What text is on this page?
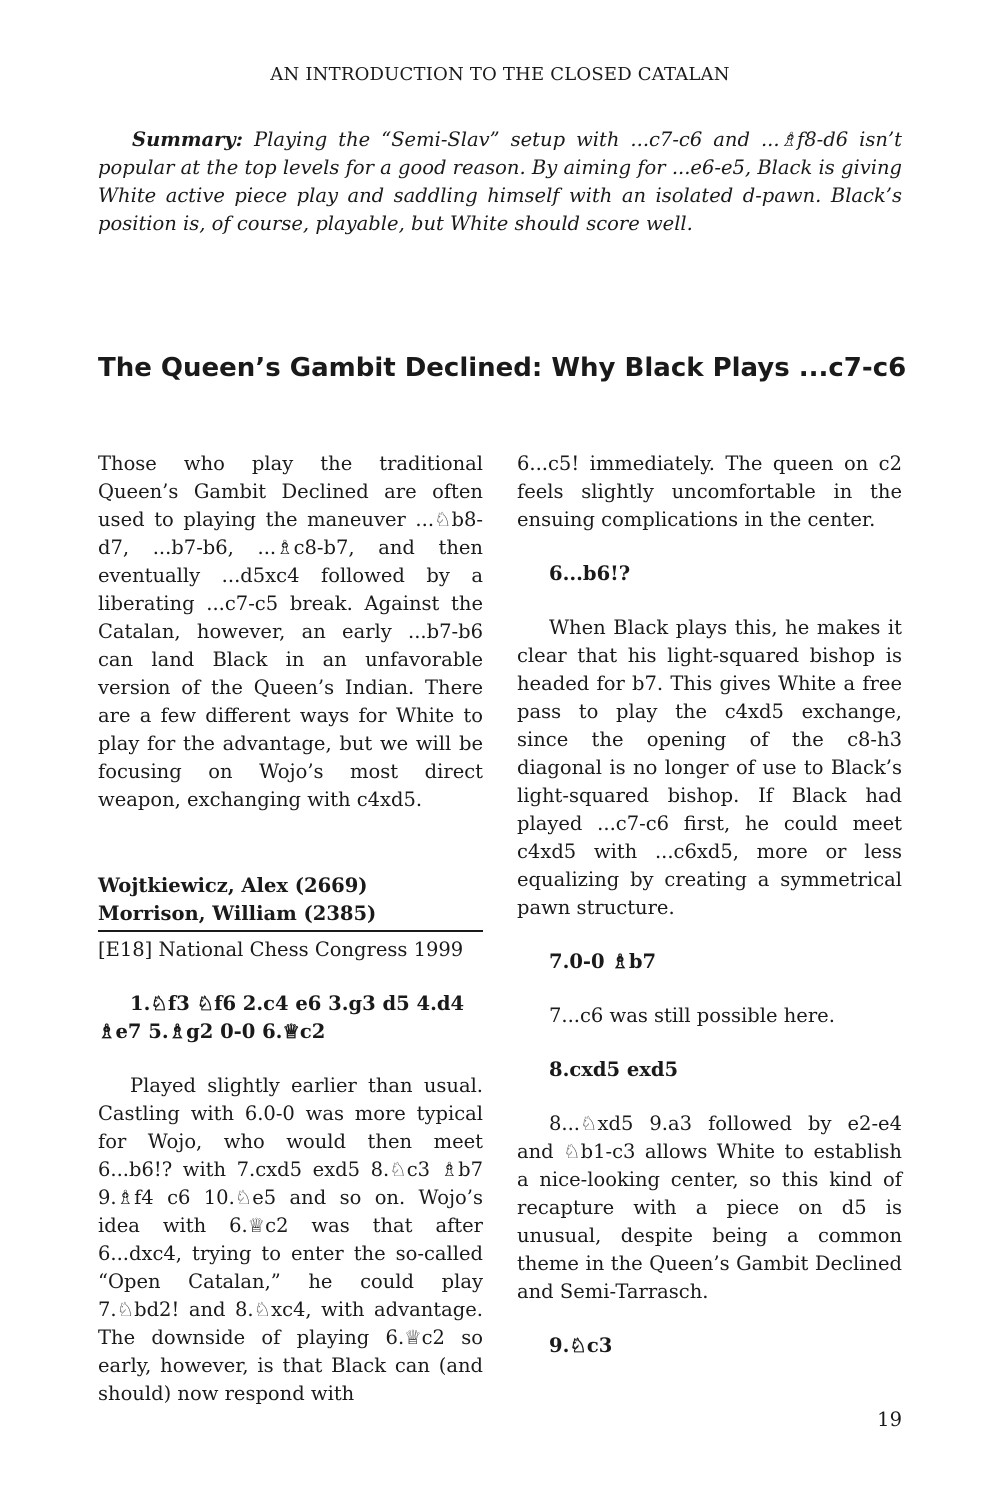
AN INTRODUCTION TO THE CLOSED CATALAN
Summary: Playing the “Semi-Slav” setup with ...c7-c6 and ...♗f8-d6 isn’t popular at the top levels for a good reason. By aiming for ...e6-e5, Black is giving White active piece play and saddling himself with an isolated d-pawn. Black’s position is, of course, playable, but White should score well.
The Queen’s Gambit Declined: Why Black Plays ...c7-c6

Those who play the traditional Queen’s Gambit Declined are often used to playing the maneuver ...♘b8-d7, ...b7-b6, ...♗c8-b7, and then eventually ...d5xc4 followed by a liberating ...c7-c5 break. Against the Catalan, however, an early ...b7-b6 can land Black in an unfavorable version of the Queen’s Indian. There are a few different ways for White to play for the advantage, but we will be focusing on Wojo’s most direct weapon, exchanging with c4xd5.

Wojtkiewicz, Alex (2669)
Morrison, William (2385)
[E18] National Chess Congress 1999

1.♘f3 ♘f6 2.c4 e6 3.g3 d5 4.d4 ♗e7 5.♗g2 0-0 6.♕c2

Played slightly earlier than usual. Castling with 6.0-0 was more typical for Wojo, who would then meet 6...b6!? with 7.cxd5 exd5 8.♘c3 ♗b7 9.♗f4 c6 10.♘e5 and so on. Wojo’s idea with 6.♕c2 was that after 6...dxc4, trying to enter the so-called “Open Catalan,” he could play 7.♘bd2! and 8.♘xc4, with advantage. The downside of playing 6.♕c2 so early, however, is that Black can (and should) now respond with

6...c5! immediately. The queen on c2 feels slightly uncomfortable in the ensuing complications in the center.

6...b6!?

When Black plays this, he makes it clear that his light-squared bishop is headed for b7. This gives White a free pass to play the c4xd5 exchange, since the opening of the c8-h3 diagonal is no longer of use to Black’s light-squared bishop. If Black had played ...c7-c6 first, he could meet c4xd5 with ...c6xd5, more or less equalizing by creating a symmetrical pawn structure.

7.0-0 ♗b7

7...c6 was still possible here.

8.cxd5 exd5

8...♘xd5 9.a3 followed by e2-e4 and ♘b1-c3 allows White to establish a nice-looking center, so this kind of recapture with a piece on d5 is unusual, despite being a common theme in the Queen’s Gambit Declined and Semi-Tarrasch.

9.♘c3

19
